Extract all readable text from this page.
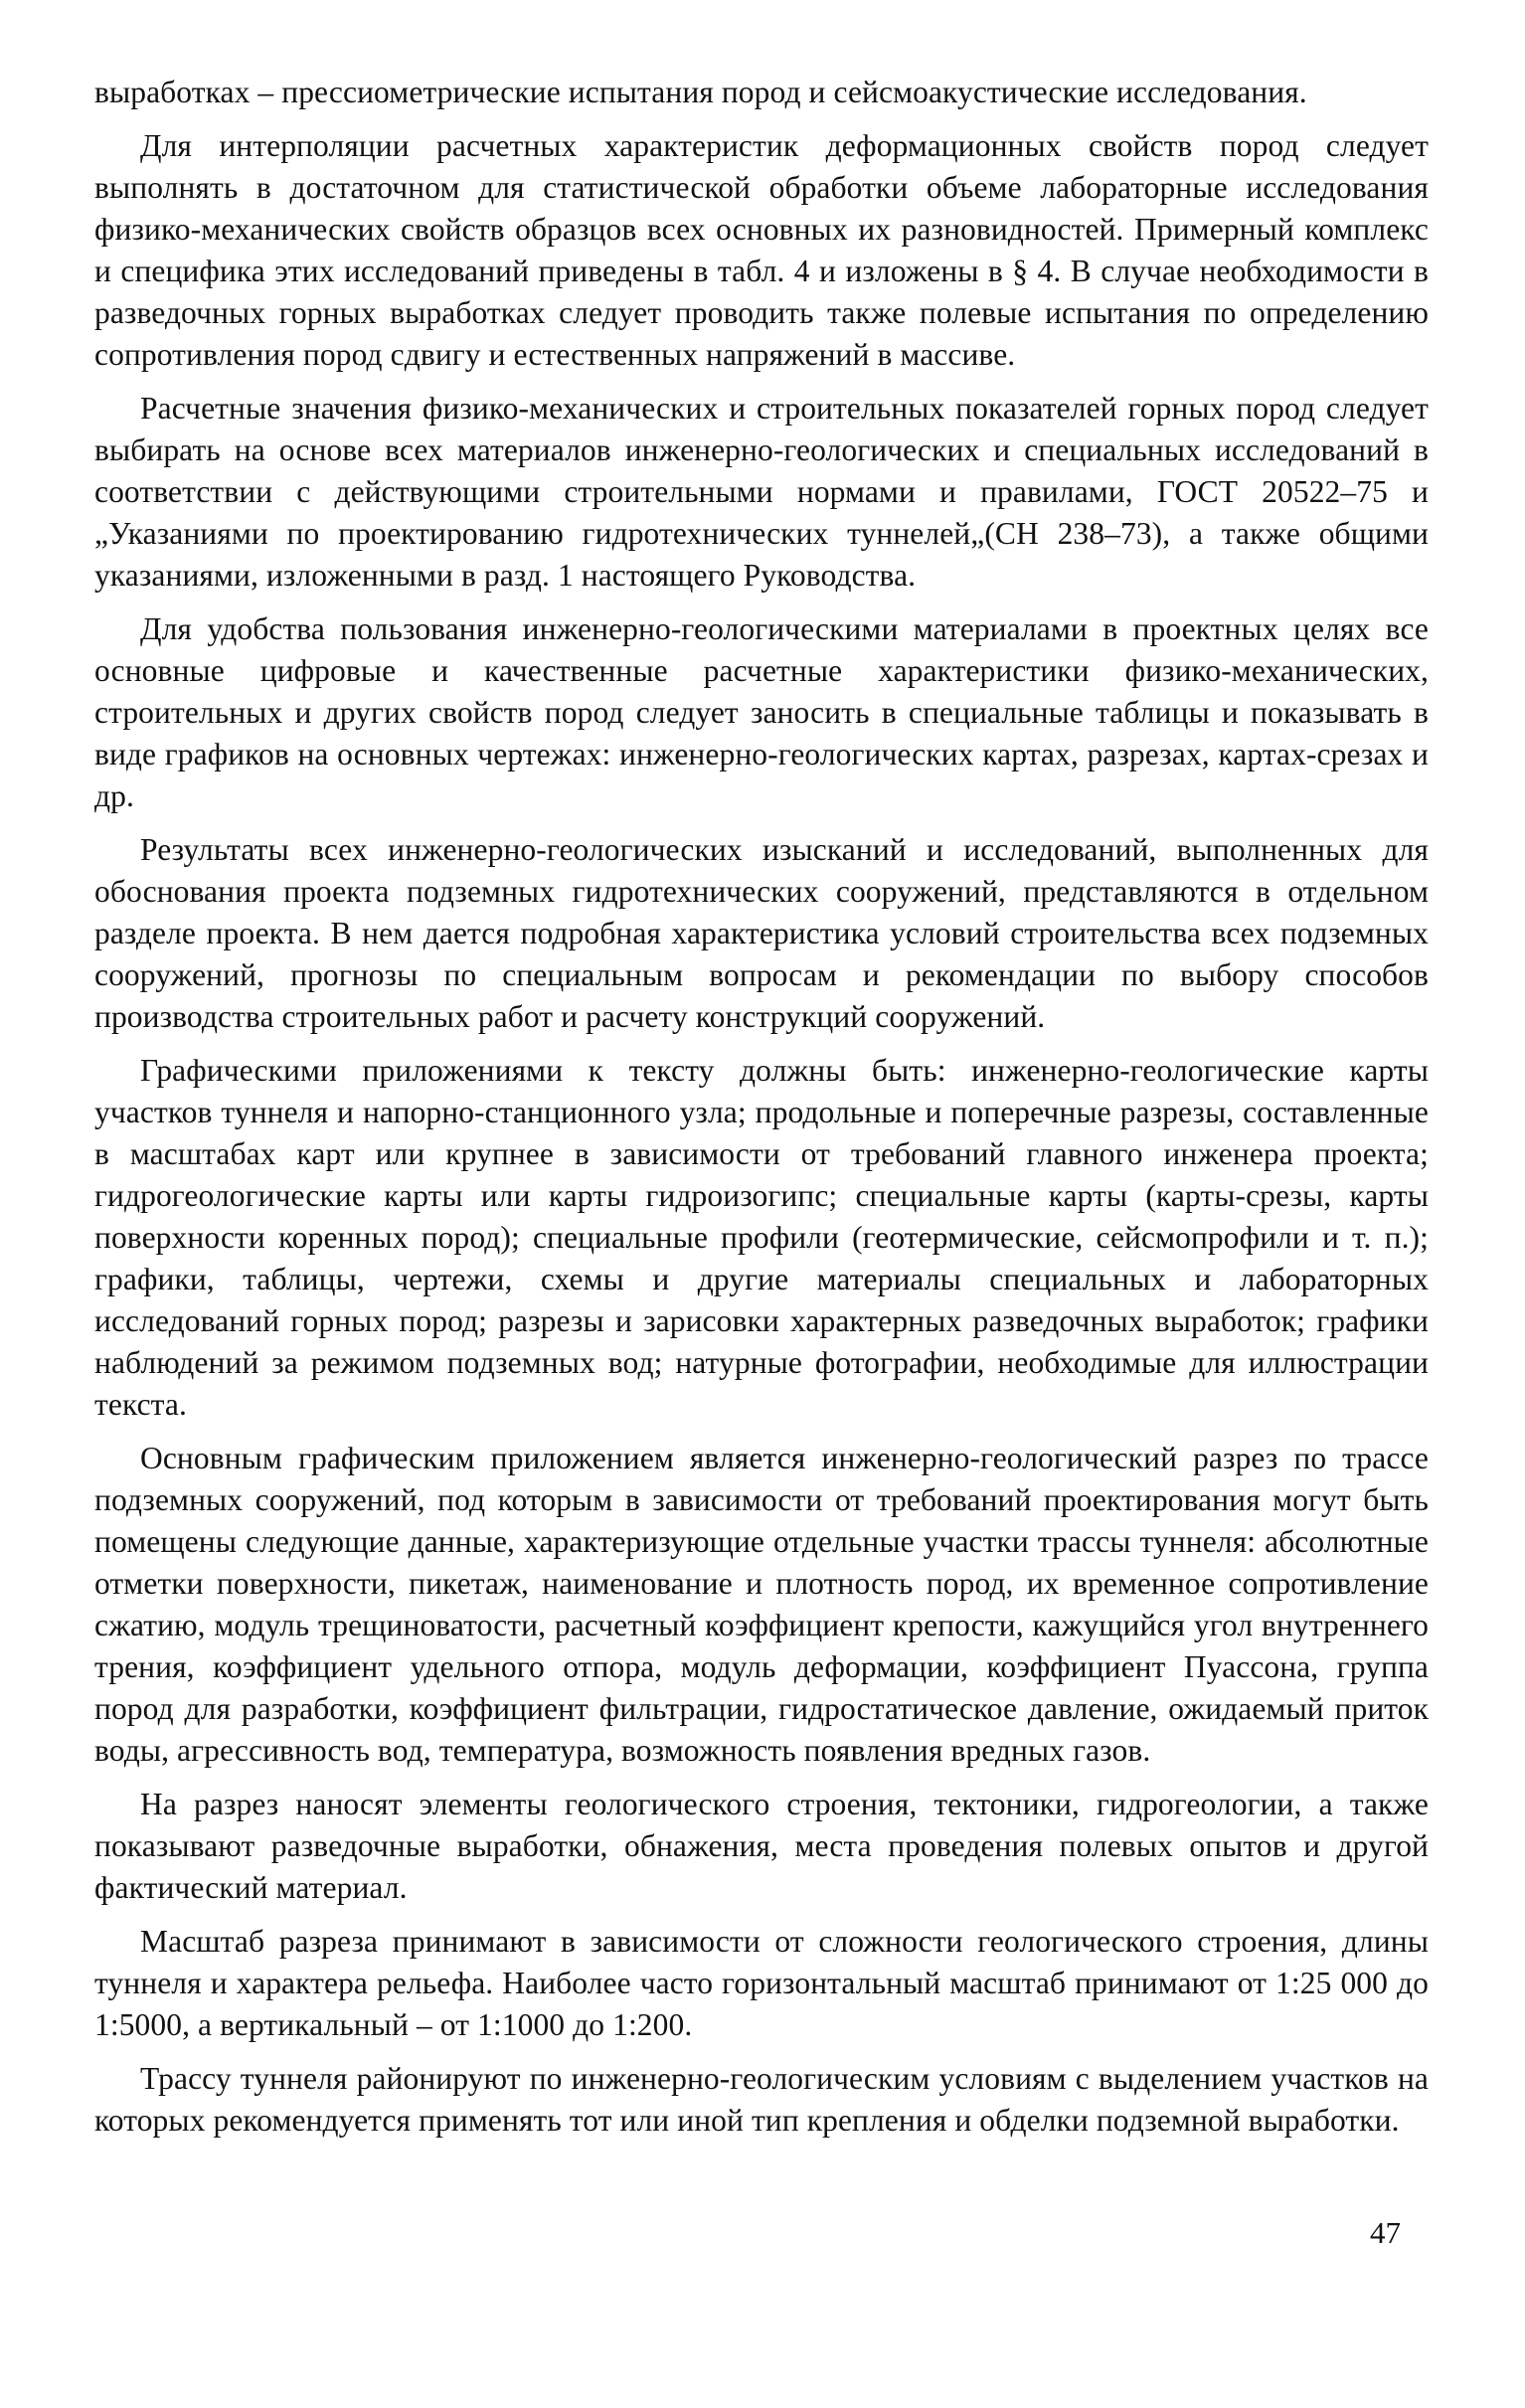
выработках – прессиометрические испытания пород и сейсмоакустические исследования.

Для интерполяции расчетных характеристик деформационных свойств пород следует выполнять в достаточном для статистической обработки объеме лабораторные исследования физико-механических свойств образцов всех основных их разновидностей. Примерный комплекс и специфика этих исследований приведены в табл. 4 и изложены в § 4. В случае необходимости в разведочных горных выработках следует проводить также полевые испытания по определению сопротивления пород сдвигу и естественных напряжений в массиве.

Расчетные значения физико-механических и строительных показателей горных пород следует выбирать на основе всех материалов инженерно-геологических и специальных исследований в соответствии с действующими строительными нормами и правилами, ГОСТ 20522–75 и „Указаниями по проектированию гидротехнических туннелей„(СН 238–73), а также общими указаниями, изложенными в разд. 1 настоящего Руководства.

Для удобства пользования инженерно-геологическими материалами в проектных целях все основные цифровые и качественные расчетные характеристики физико-механических, строительных и других свойств пород следует заносить в специальные таблицы и показывать в виде графиков на основных чертежах: инженерно-геологических картах, разрезах, картах-срезах и др.

Результаты всех инженерно-геологических изысканий и исследований, выполненных для обоснования проекта подземных гидротехнических сооружений, представляются в отдельном разделе проекта. В нем дается подробная характеристика условий строительства всех подземных сооружений, прогнозы по специальным вопросам и рекомендации по выбору способов производства строительных работ и расчету конструкций сооружений.

Графическими приложениями к тексту должны быть: инженерно-геологические карты участков туннеля и напорно-станционного узла; продольные и поперечные разрезы, составленные в масштабах карт или крупнее в зависимости от требований главного инженера проекта; гидрогеологические карты или карты гидроизогипс; специальные карты (карты-срезы, карты поверхности коренных пород); специальные профили (геотермические, сейсмопрофили и т. п.); графики, таблицы, чертежи, схемы и другие материалы специальных и лабораторных исследований горных пород; разрезы и зарисовки характерных разведочных выработок; графики наблюдений за режимом подземных вод; натурные фотографии, необходимые для иллюстрации текста.

Основным графическим приложением является инженерно-геологический разрез по трассе подземных сооружений, под которым в зависимости от требований проектирования могут быть помещены следующие данные, характеризующие отдельные участки трассы туннеля: абсолютные отметки поверхности, пикетаж, наименование и плотность пород, их временное сопротивление сжатию, модуль трещиноватости, расчетный коэффициент крепости, кажущийся угол внутреннего трения, коэффициент удельного отпора, модуль деформации, коэффициент Пуассона, группа пород для разработки, коэффициент фильтрации, гидростатическое давление, ожидаемый приток воды, агрессивность вод, температура, возможность появления вредных газов.

На разрез наносят элементы геологического строения, тектоники, гидрогеологии, а также показывают разведочные выработки, обнажения, места проведения полевых опытов и другой фактический материал.

Масштаб разреза принимают в зависимости от сложности геологического строения, длины туннеля и характера рельефа. Наиболее часто горизонтальный масштаб принимают от 1:25 000 до 1:5000, а вертикальный – от 1:1000 до 1:200.

Трассу туннеля районируют по инженерно-геологическим условиям с выделением участков на которых рекомендуется применять тот или иной тип крепления и обделки подземной выработки.

47
